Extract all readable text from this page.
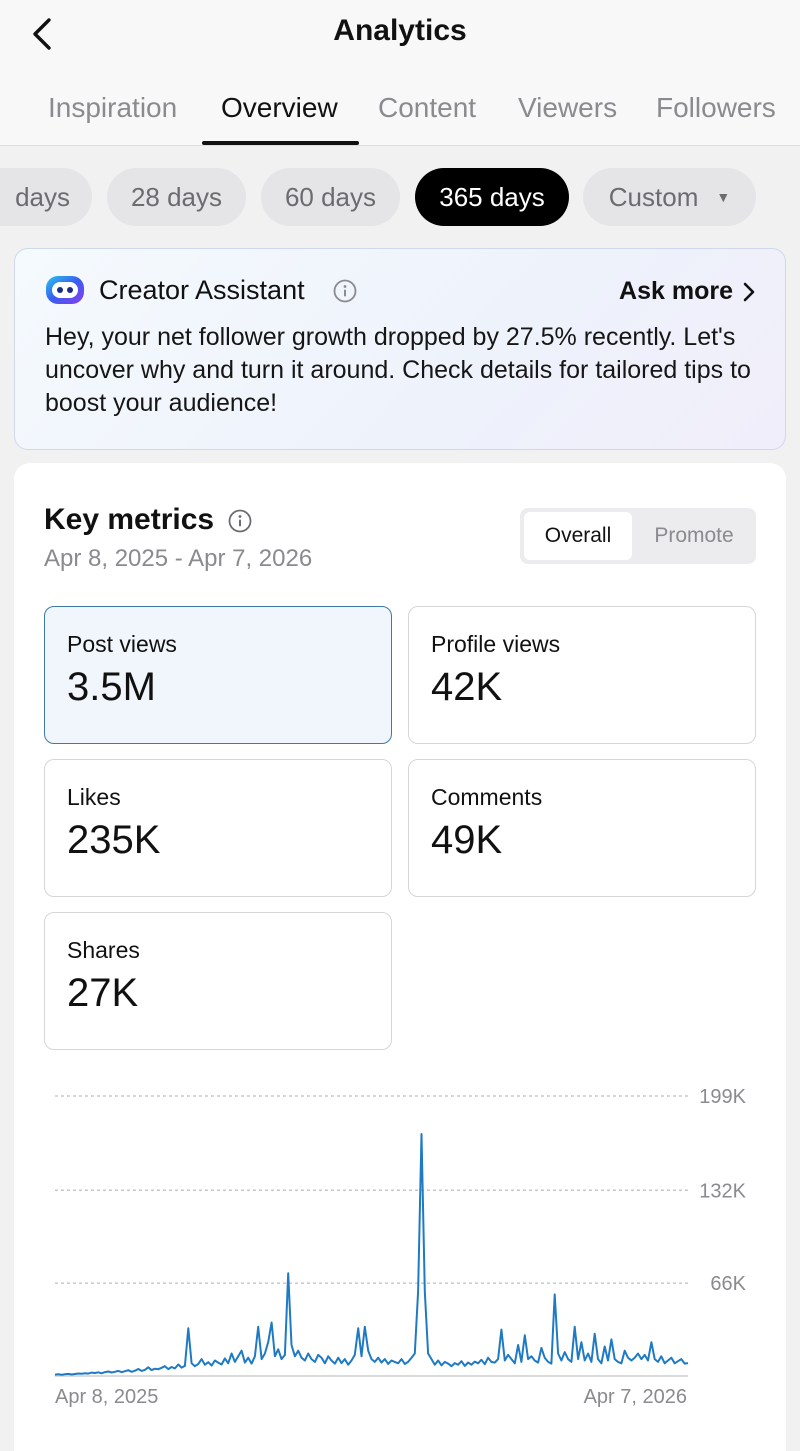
Analytics
Inspiration Overview Content Viewers Followers
days 28 days 60 days 365 days Custom ▼
Creator Assistant	Ask more
Hey, your net follower growth dropped by 27.5% recently. Let's uncover why and turn it around. Check details for tailored tips to boost your audience!
Key metrics
Apr 8, 2025 - Apr 7, 2026
Overall	Promote
Post views
3.5M
Profile views
42K
Likes
235K
Comments
49K
Shares
27K
66K
132K
199K
Apr 8, 2025	Apr 7, 2026
